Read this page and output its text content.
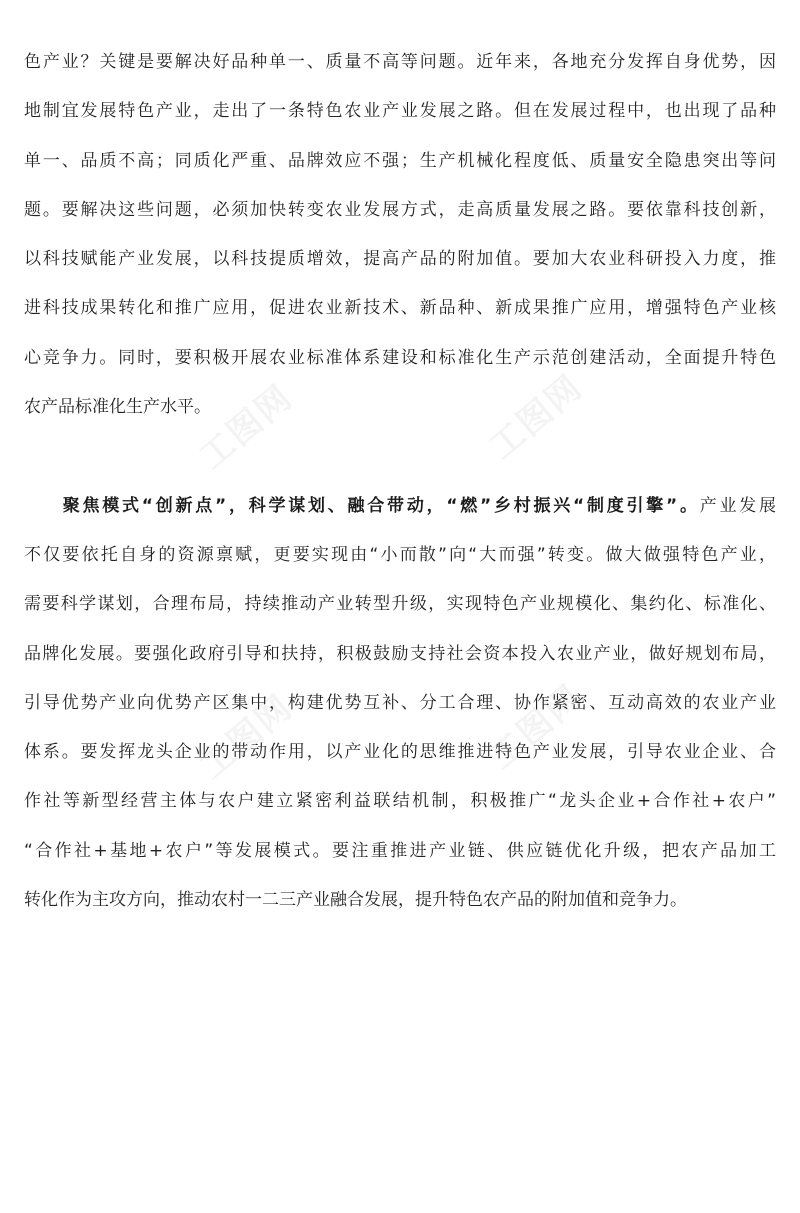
工图网	工图网
工图网	工图网
色产业？关键是要解决好品种单一、质量不高等问题。近年来，各地充分发挥自身优势，因
地制宜发展特色产业，走出了一条特色农业产业发展之路。但在发展过程中，也出现了品种
单一、品质不高；同质化严重、品牌效应不强；生产机械化程度低、质量安全隐患突出等问
题。要解决这些问题，必须加快转变农业发展方式，走高质量发展之路。要依靠科技创新，
以科技赋能产业发展，以科技提质增效，提高产品的附加值。要加大农业科研投入力度，推
进科技成果转化和推广应用，促进农业新技术、新品种、新成果推广应用，增强特色产业核
心竞争力。同时，要积极开展农业标准体系建设和标准化生产示范创建活动，全面提升特色
农产品标准化生产水平。
聚焦模式“创新点”，科学谋划、融合带动，“燃”乡村振兴“制度引擎”。产业发展
不仅要依托自身的资源禀赋，更要实现由“小而散”向“大而强”转变。做大做强特色产业，
需要科学谋划，合理布局，持续推动产业转型升级，实现特色产业规模化、集约化、标准化、
品牌化发展。要强化政府引导和扶持，积极鼓励支持社会资本投入农业产业，做好规划布局，
引导优势产业向优势产区集中，构建优势互补、分工合理、协作紧密、互动高效的农业产业
体系。要发挥龙头企业的带动作用，以产业化的思维推进特色产业发展，引导农业企业、合
作社等新型经营主体与农户建立紧密利益联结机制，积极推广“龙头企业+合作社+农户”
“合作社+基地+农户”等发展模式。要注重推进产业链、供应链优化升级，把农产品加工
转化作为主攻方向，推动农村一二三产业融合发展，提升特色农产品的附加值和竞争力。
